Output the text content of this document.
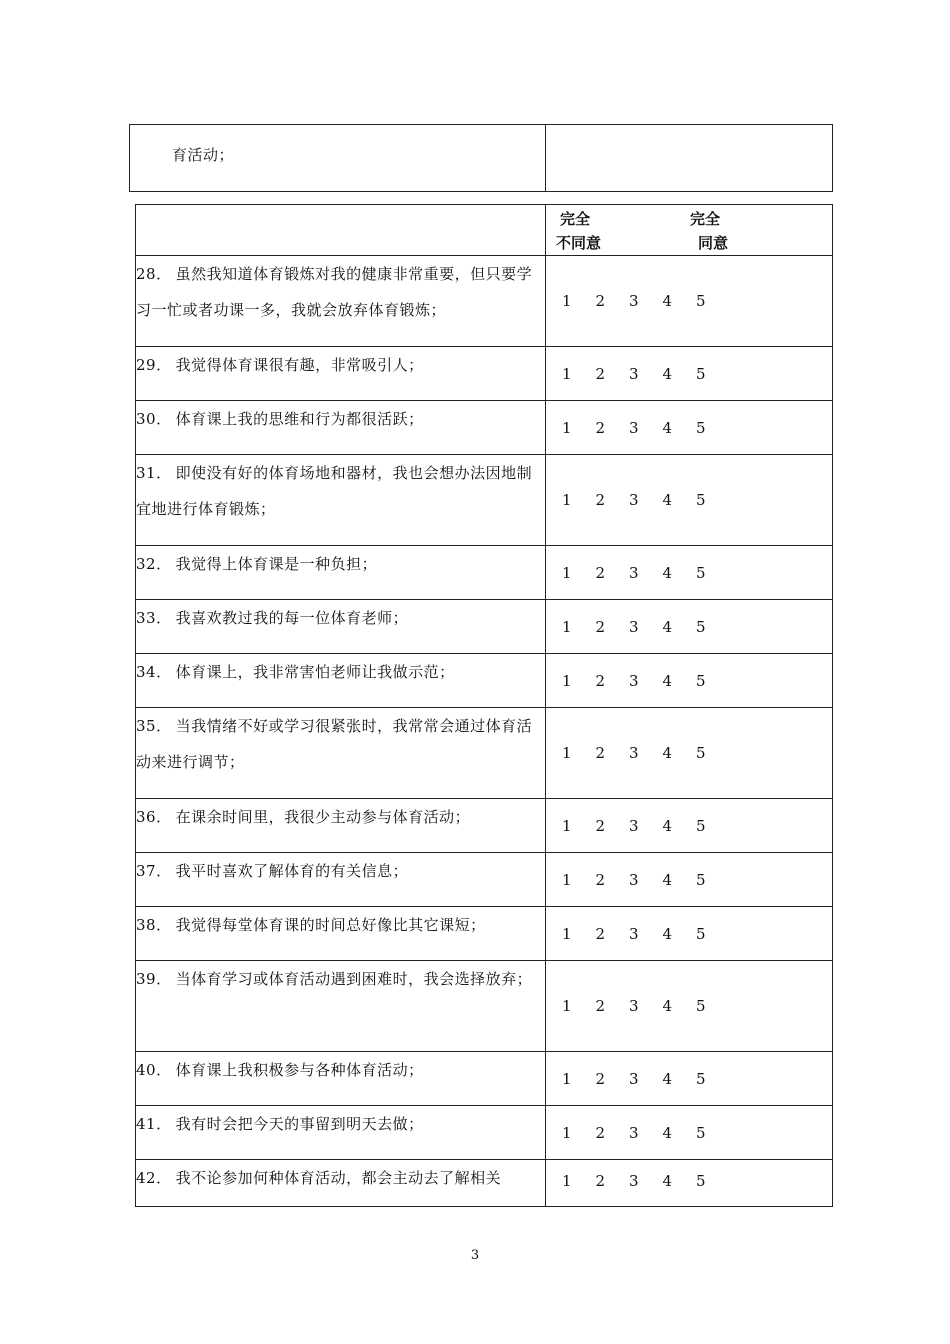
育活动；	

	完全
不同意
完全
同意

28． 虽然我知道体育锻炼对我的健康非常重要，但只要学习一忙或者功课一多，我就会放弃体育锻炼；	1 2 3 4 5

29． 我觉得体育课很有趣，非常吸引人；	1 2 3 4 5

30． 体育课上我的思维和行为都很活跃；	1 2 3 4 5

31． 即使没有好的体育场地和器材，我也会想办法因地制宜地进行体育锻炼；	1 2 3 4 5

32． 我觉得上体育课是一种负担；	1 2 3 4 5

33． 我喜欢教过我的每一位体育老师；	1 2 3 4 5

34． 体育课上，我非常害怕老师让我做示范；	1 2 3 4 5

35． 当我情绪不好或学习很紧张时，我常常会通过体育活动来进行调节；	1 2 3 4 5

36． 在课余时间里，我很少主动参与体育活动；	1 2 3 4 5

37． 我平时喜欢了解体育的有关信息；	1 2 3 4 5

38． 我觉得每堂体育课的时间总好像比其它课短；	1 2 3 4 5

39． 当体育学习或体育活动遇到困难时，我会选择放弃；	1 2 3 4 5

40． 体育课上我积极参与各种体育活动；	1 2 3 4 5

41． 我有时会把今天的事留到明天去做；	1 2 3 4 5

42． 我不论参加何种体育活动，都会主动去了解相关	1 2 3 4 5
3
